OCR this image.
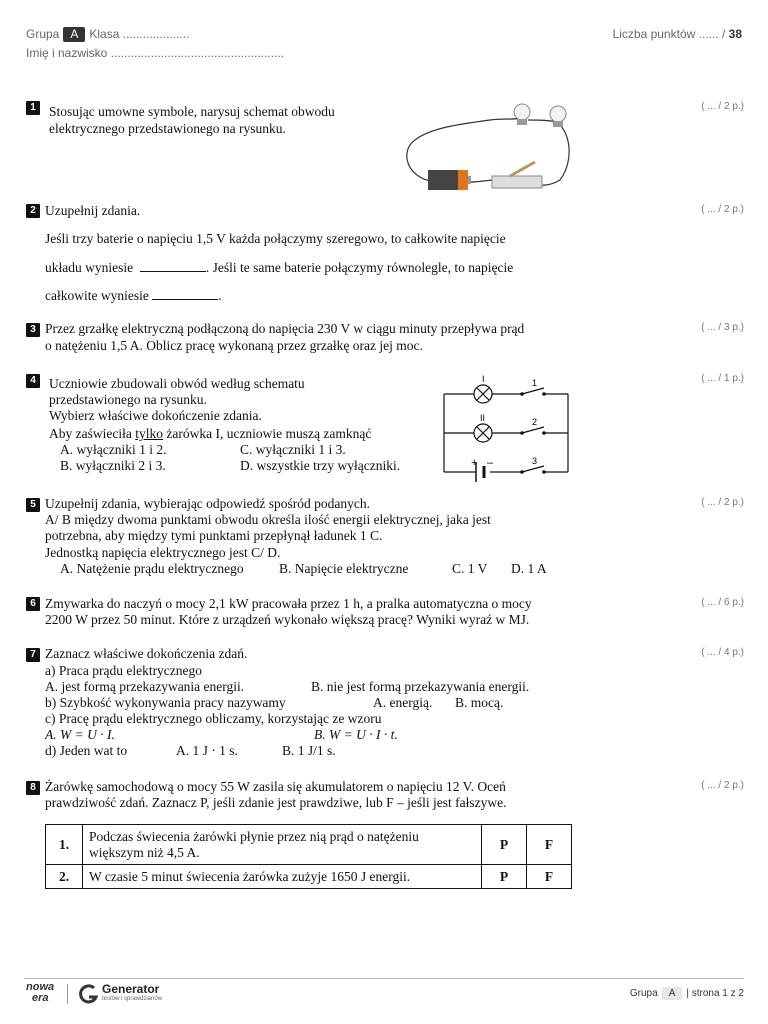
Grupa A Klasa ....................
Imię i nazwisko ....................................................
Liczba punktów ...... / 38
1	( ... / 2 p.)
Stosując umowne symbole, narysuj schemat obwodu
elektrycznego przedstawionego na rysunku.
2	( ... / 2 p.)
Uzupełnij zdania.
Jeśli trzy baterie o napięciu 1,5 V każda połączymy szeregowo, to całkowite napięcie
układu wyniesie	. Jeśli te same baterie połączymy równolegle, to napięcie
całkowite wyniesie	.
3	( ... / 3 p.)
Przez grzałkę elektryczną podłączoną do napięcia 230 V w ciągu minuty przepływa prąd
o natężeniu 1,5 A. Oblicz pracę wykonaną przez grzałkę oraz jej moc.
4	( ... / 1 p.)
Uczniowie zbudowali obwód według schematu
przedstawionego na rysunku.
Wybierz właściwe dokończenie zdania.
Aby zaświeciła tylko żarówka I, uczniowie muszą zamknąć
A. wyłączniki 1 i 2.	C. wyłączniki 1 i 3.
B. wyłączniki 2 i 3.	D. wszystkie trzy wyłączniki.
I
II
1
2
3
+ –
5	( ... / 2 p.)
Uzupełnij zdania, wybierając odpowiedź spośród podanych.
A/ B między dwoma punktami obwodu określa ilość energii elektrycznej, jaka jest
potrzebna, aby między tymi punktami przepłynął ładunek 1 C.
Jednostką napięcia elektrycznego jest C/ D.
A. Natężenie prądu elektrycznego	B. Napięcie elektryczne	C. 1 V D. 1 A
6	( ... / 6 p.)
Zmywarka do naczyń o mocy 2,1 kW pracowała przez 1 h, a pralka automatyczna o mocy
2200 W przez 50 minut. Które z urządzeń wykonało większą pracę? Wyniki wyraź w MJ.
7	( ... / 4 p.)
Zaznacz właściwe dokończenia zdań.
a) Praca prądu elektrycznego
A. jest formą przekazywania energii.	B. nie jest formą przekazywania energii.
b) Szybkość wykonywania pracy nazywamy	A. energią. B. mocą.
c) Pracę prądu elektrycznego obliczamy, korzystając ze wzoru
A. W = U · I.	B. W = U · I · t.
d) Jeden wat to	A. 1 J · 1 s.	B. 1 J/1 s.
8	( ... / 2 p.)
Żarówkę samochodową o mocy 55 W zasila się akumulatorem o napięciu 12 V. Oceń
prawdziwość zdań. Zaznacz P, jeśli zdanie jest prawdziwe, lub F – jeśli jest fałszywe.
1.	Podczas świecenia żarówki płynie przez nią prąd o natężeniu
większym niż 4,5 A.	P	F
2.	W czasie 5 minut świecenia żarówka zużyje 1650 J energii.	P	F
nowa
era
Generator
testów i sprawdzianów	Grupa A | strona 1 z 2
